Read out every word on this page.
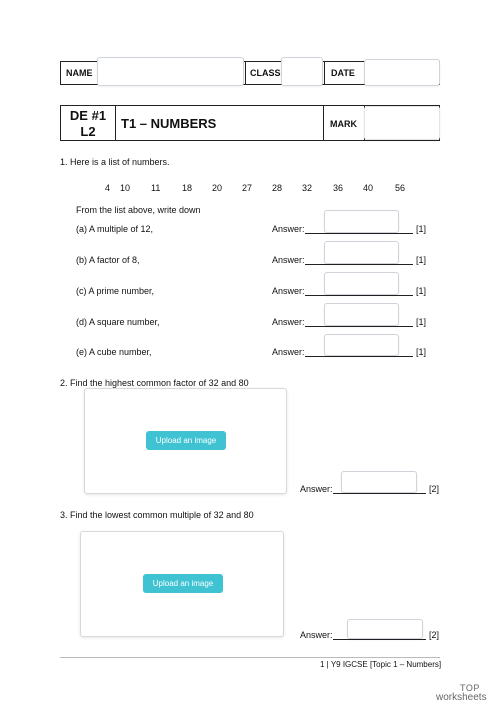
NAME	CLASS	DATE
DE #1
L2
T1 – NUMBERS	MARK
1. Here is a list of numbers.
4 10 11 18 20 27 28 32 36 40 56
From the list above, write down
(a) A multiple of 12,	Answer:	[1]
(b) A factor of 8,	Answer:	[1]
(c) A prime number,	Answer:	[1]
(d) A square number,	Answer:	[1]
(e) A cube number,	Answer:	[1]
2. Find the highest common factor of 32 and 80
Upload an image
Answer:	[2]
3. Find the lowest common multiple of 32 and 80
Upload an image
Answer:	[2]
1 | Y9 IGCSE [Topic 1 – Numbers]
TOP
worksheets
